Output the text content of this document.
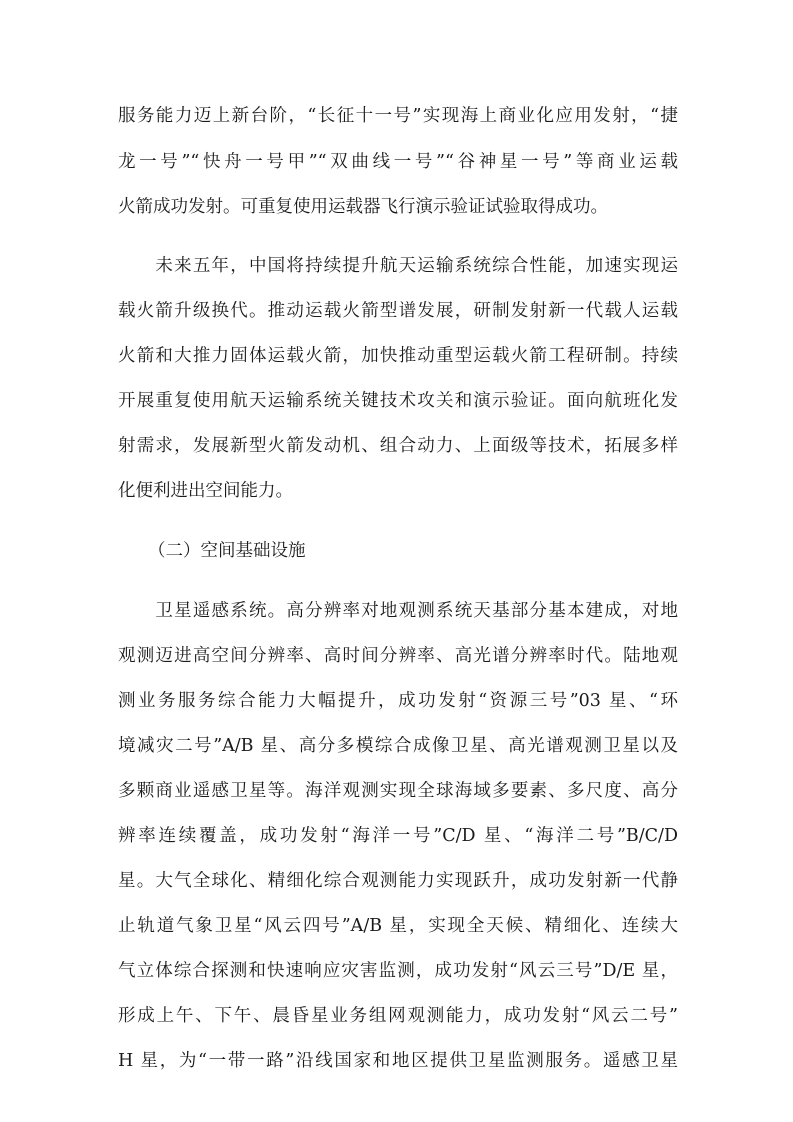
服务能力迈上新台阶，“长征十一号”实现海上商业化应用发射，“捷
龙一号”“快舟一号甲”“双曲线一号”“谷神星一号”等商业运载
火箭成功发射。可重复使用运载器飞行演示验证试验取得成功。
　　未来五年，中国将持续提升航天运输系统综合性能，加速实现运
载火箭升级换代。推动运载火箭型谱发展，研制发射新一代载人运载
火箭和大推力固体运载火箭，加快推动重型运载火箭工程研制。持续
开展重复使用航天运输系统关键技术攻关和演示验证。面向航班化发
射需求，发展新型火箭发动机、组合动力、上面级等技术，拓展多样
化便利进出空间能力。
（二）空间基础设施
　　卫星遥感系统。高分辨率对地观测系统天基部分基本建成，对地
观测迈进高空间分辨率、高时间分辨率、高光谱分辨率时代。陆地观
测业务服务综合能力大幅提升，成功发射“资源三号”03 星、“环
境减灾二号”A/B 星、高分多模综合成像卫星、高光谱观测卫星以及
多颗商业遥感卫星等。海洋观测实现全球海域多要素、多尺度、高分
辨率连续覆盖，成功发射“海洋一号”C/D 星、“海洋二号”B/C/D
星。大气全球化、精细化综合观测能力实现跃升，成功发射新一代静
止轨道气象卫星“风云四号”A/B 星，实现全天候、精细化、连续大
气立体综合探测和快速响应灾害监测，成功发射“风云三号”D/E 星，
形成上午、下午、晨昏星业务组网观测能力，成功发射“风云二号”
H 星，为“一带一路”沿线国家和地区提供卫星监测服务。遥感卫星
